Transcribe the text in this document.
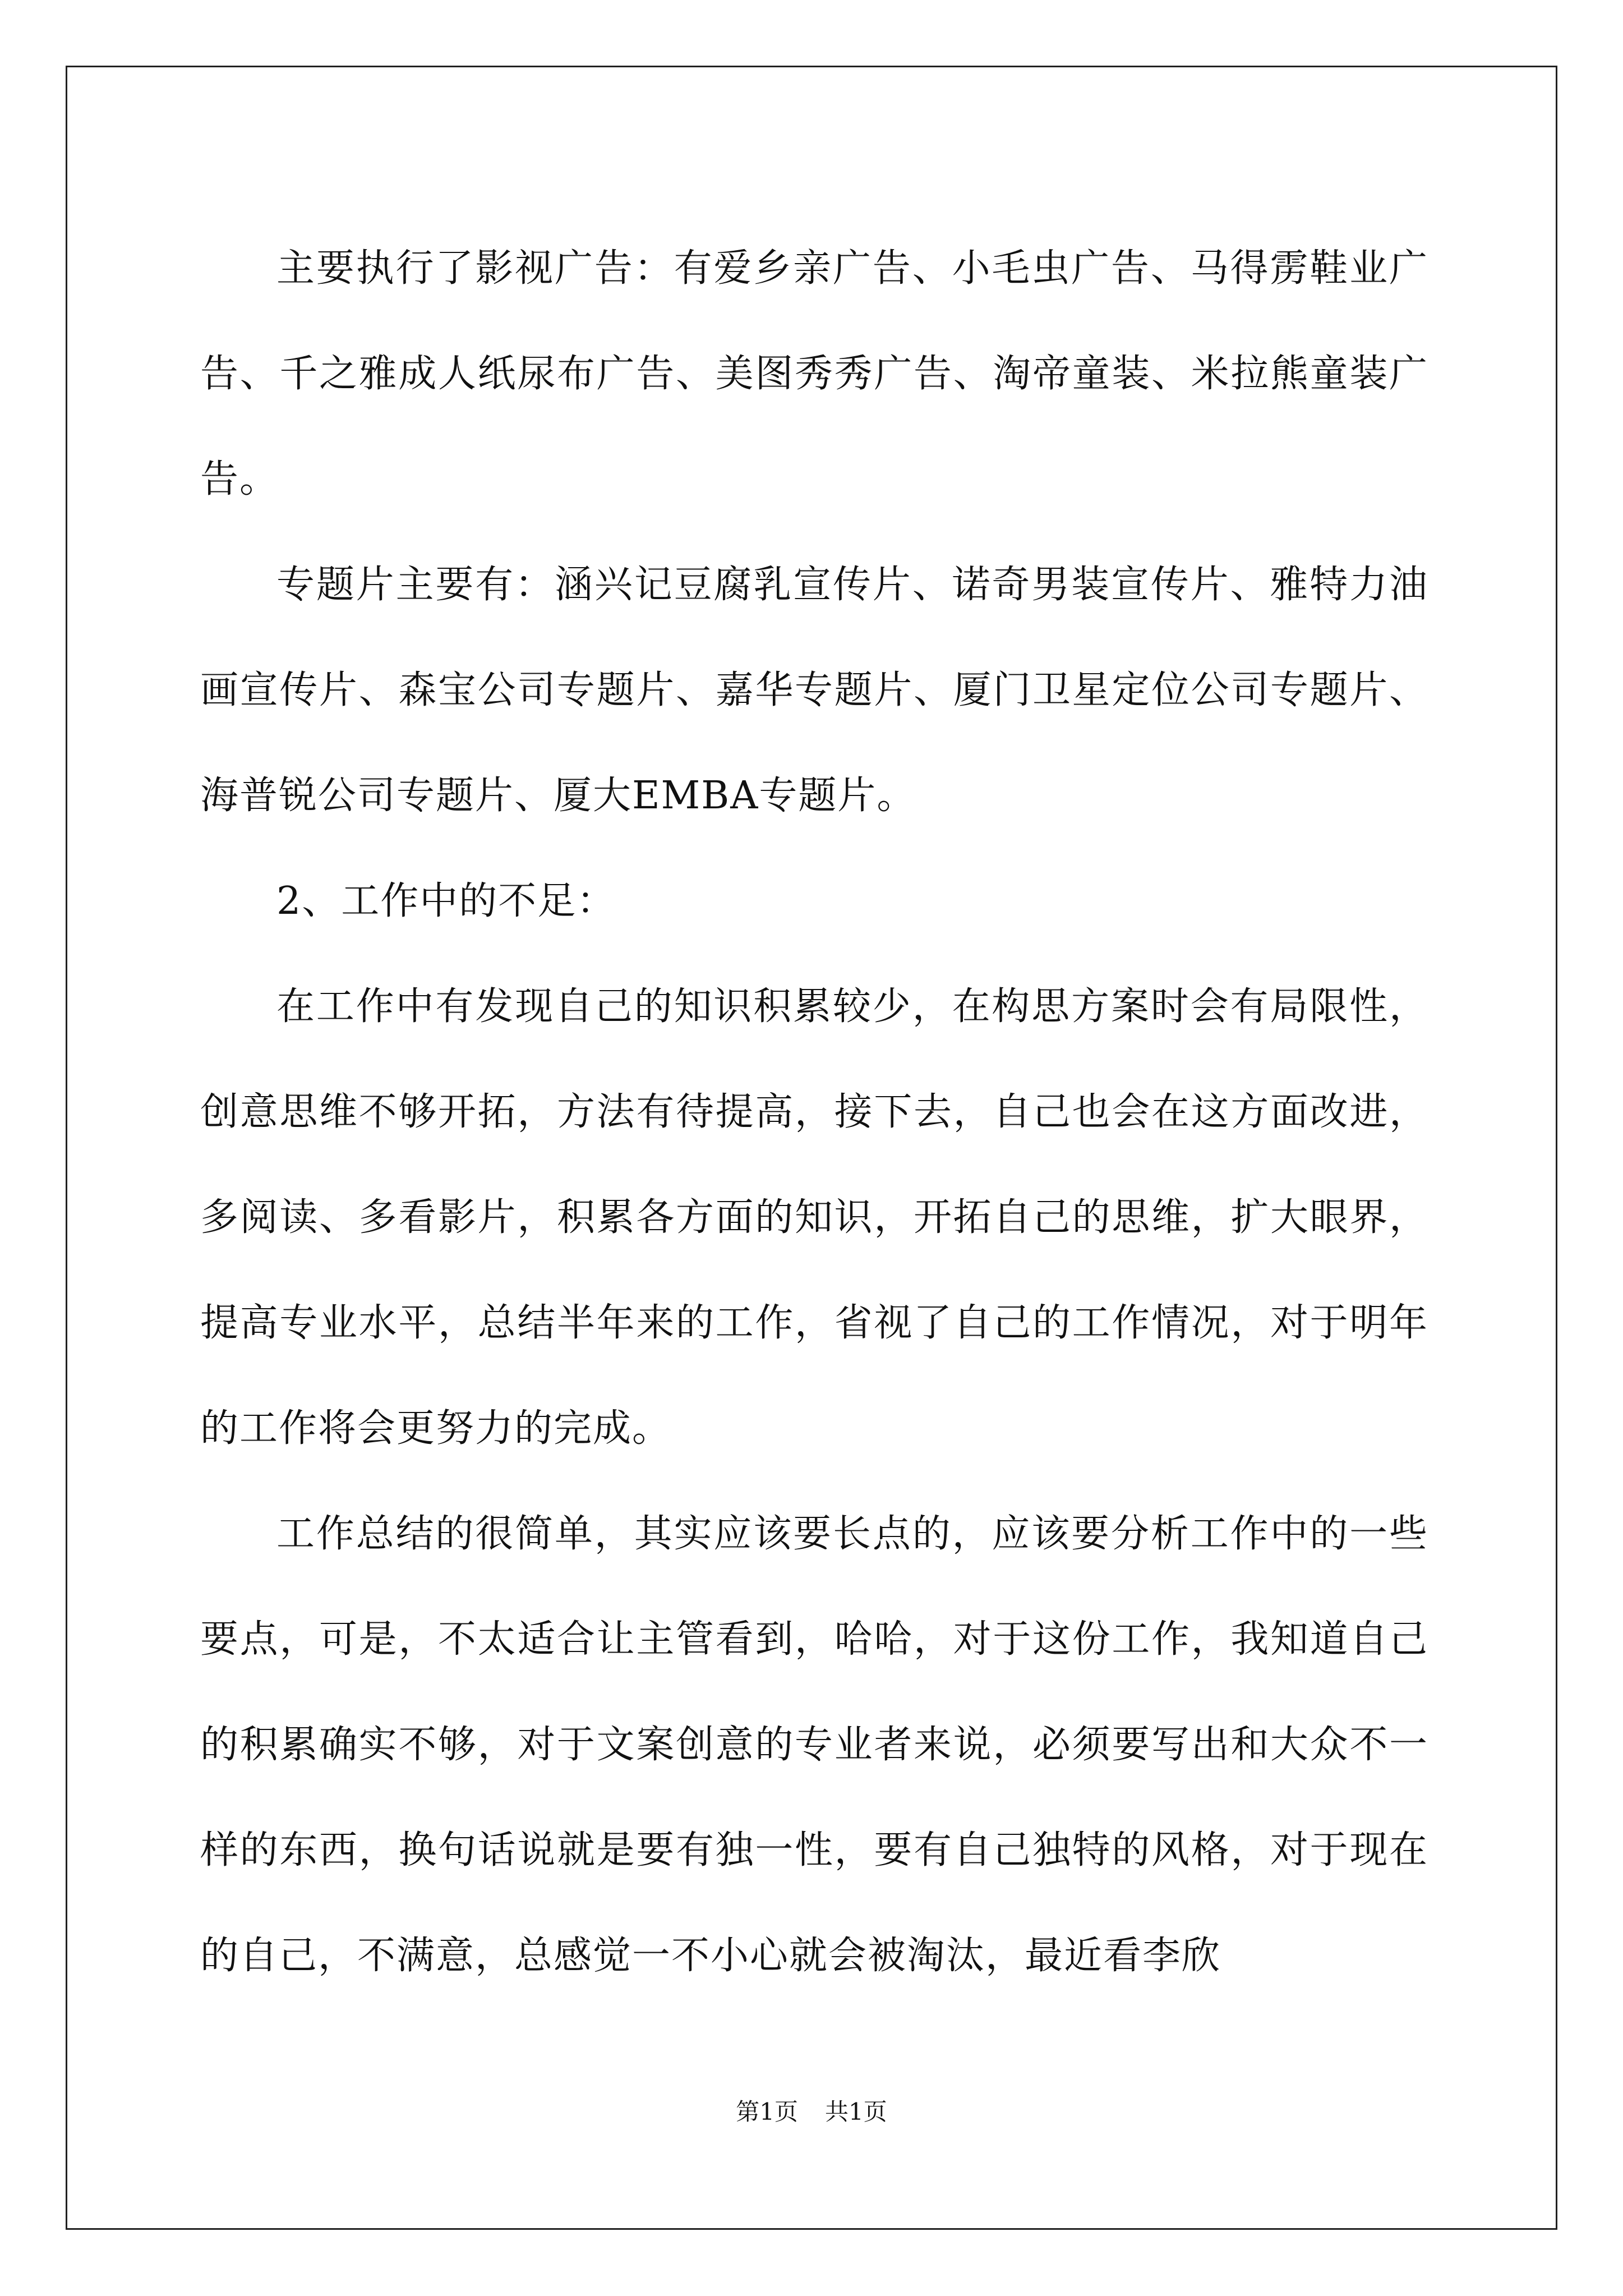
主要执行了影视广告：有爱乡亲广告、小毛虫广告、马得雳鞋业广告、千之雅成人纸尿布广告、美图秀秀广告、淘帝童装、米拉熊童装广告。

专题片主要有：涵兴记豆腐乳宣传片、诺奇男装宣传片、雅特力油画宣传片、森宝公司专题片、嘉华专题片、厦门卫星定位公司专题片、海普锐公司专题片、厦大EMBA专题片。

2、工作中的不足：

在工作中有发现自己的知识积累较少，在构思方案时会有局限性，创意思维不够开拓，方法有待提高，接下去，自己也会在这方面改进，多阅读、多看影片，积累各方面的知识，开拓自己的思维，扩大眼界，提高专业水平，总结半年来的工作，省视了自己的工作情况，对于明年的工作将会更努力的完成。

工作总结的很简单，其实应该要长点的，应该要分析工作中的一些要点，可是，不太适合让主管看到，哈哈，对于这份工作，我知道自己的积累确实不够，对于文案创意的专业者来说，必须要写出和大众不一样的东西，换句话说就是要有独一性，要有自己独特的风格，对于现在的自己，不满意，总感觉一不小心就会被淘汰，最近看李欣

第1页 共1页
